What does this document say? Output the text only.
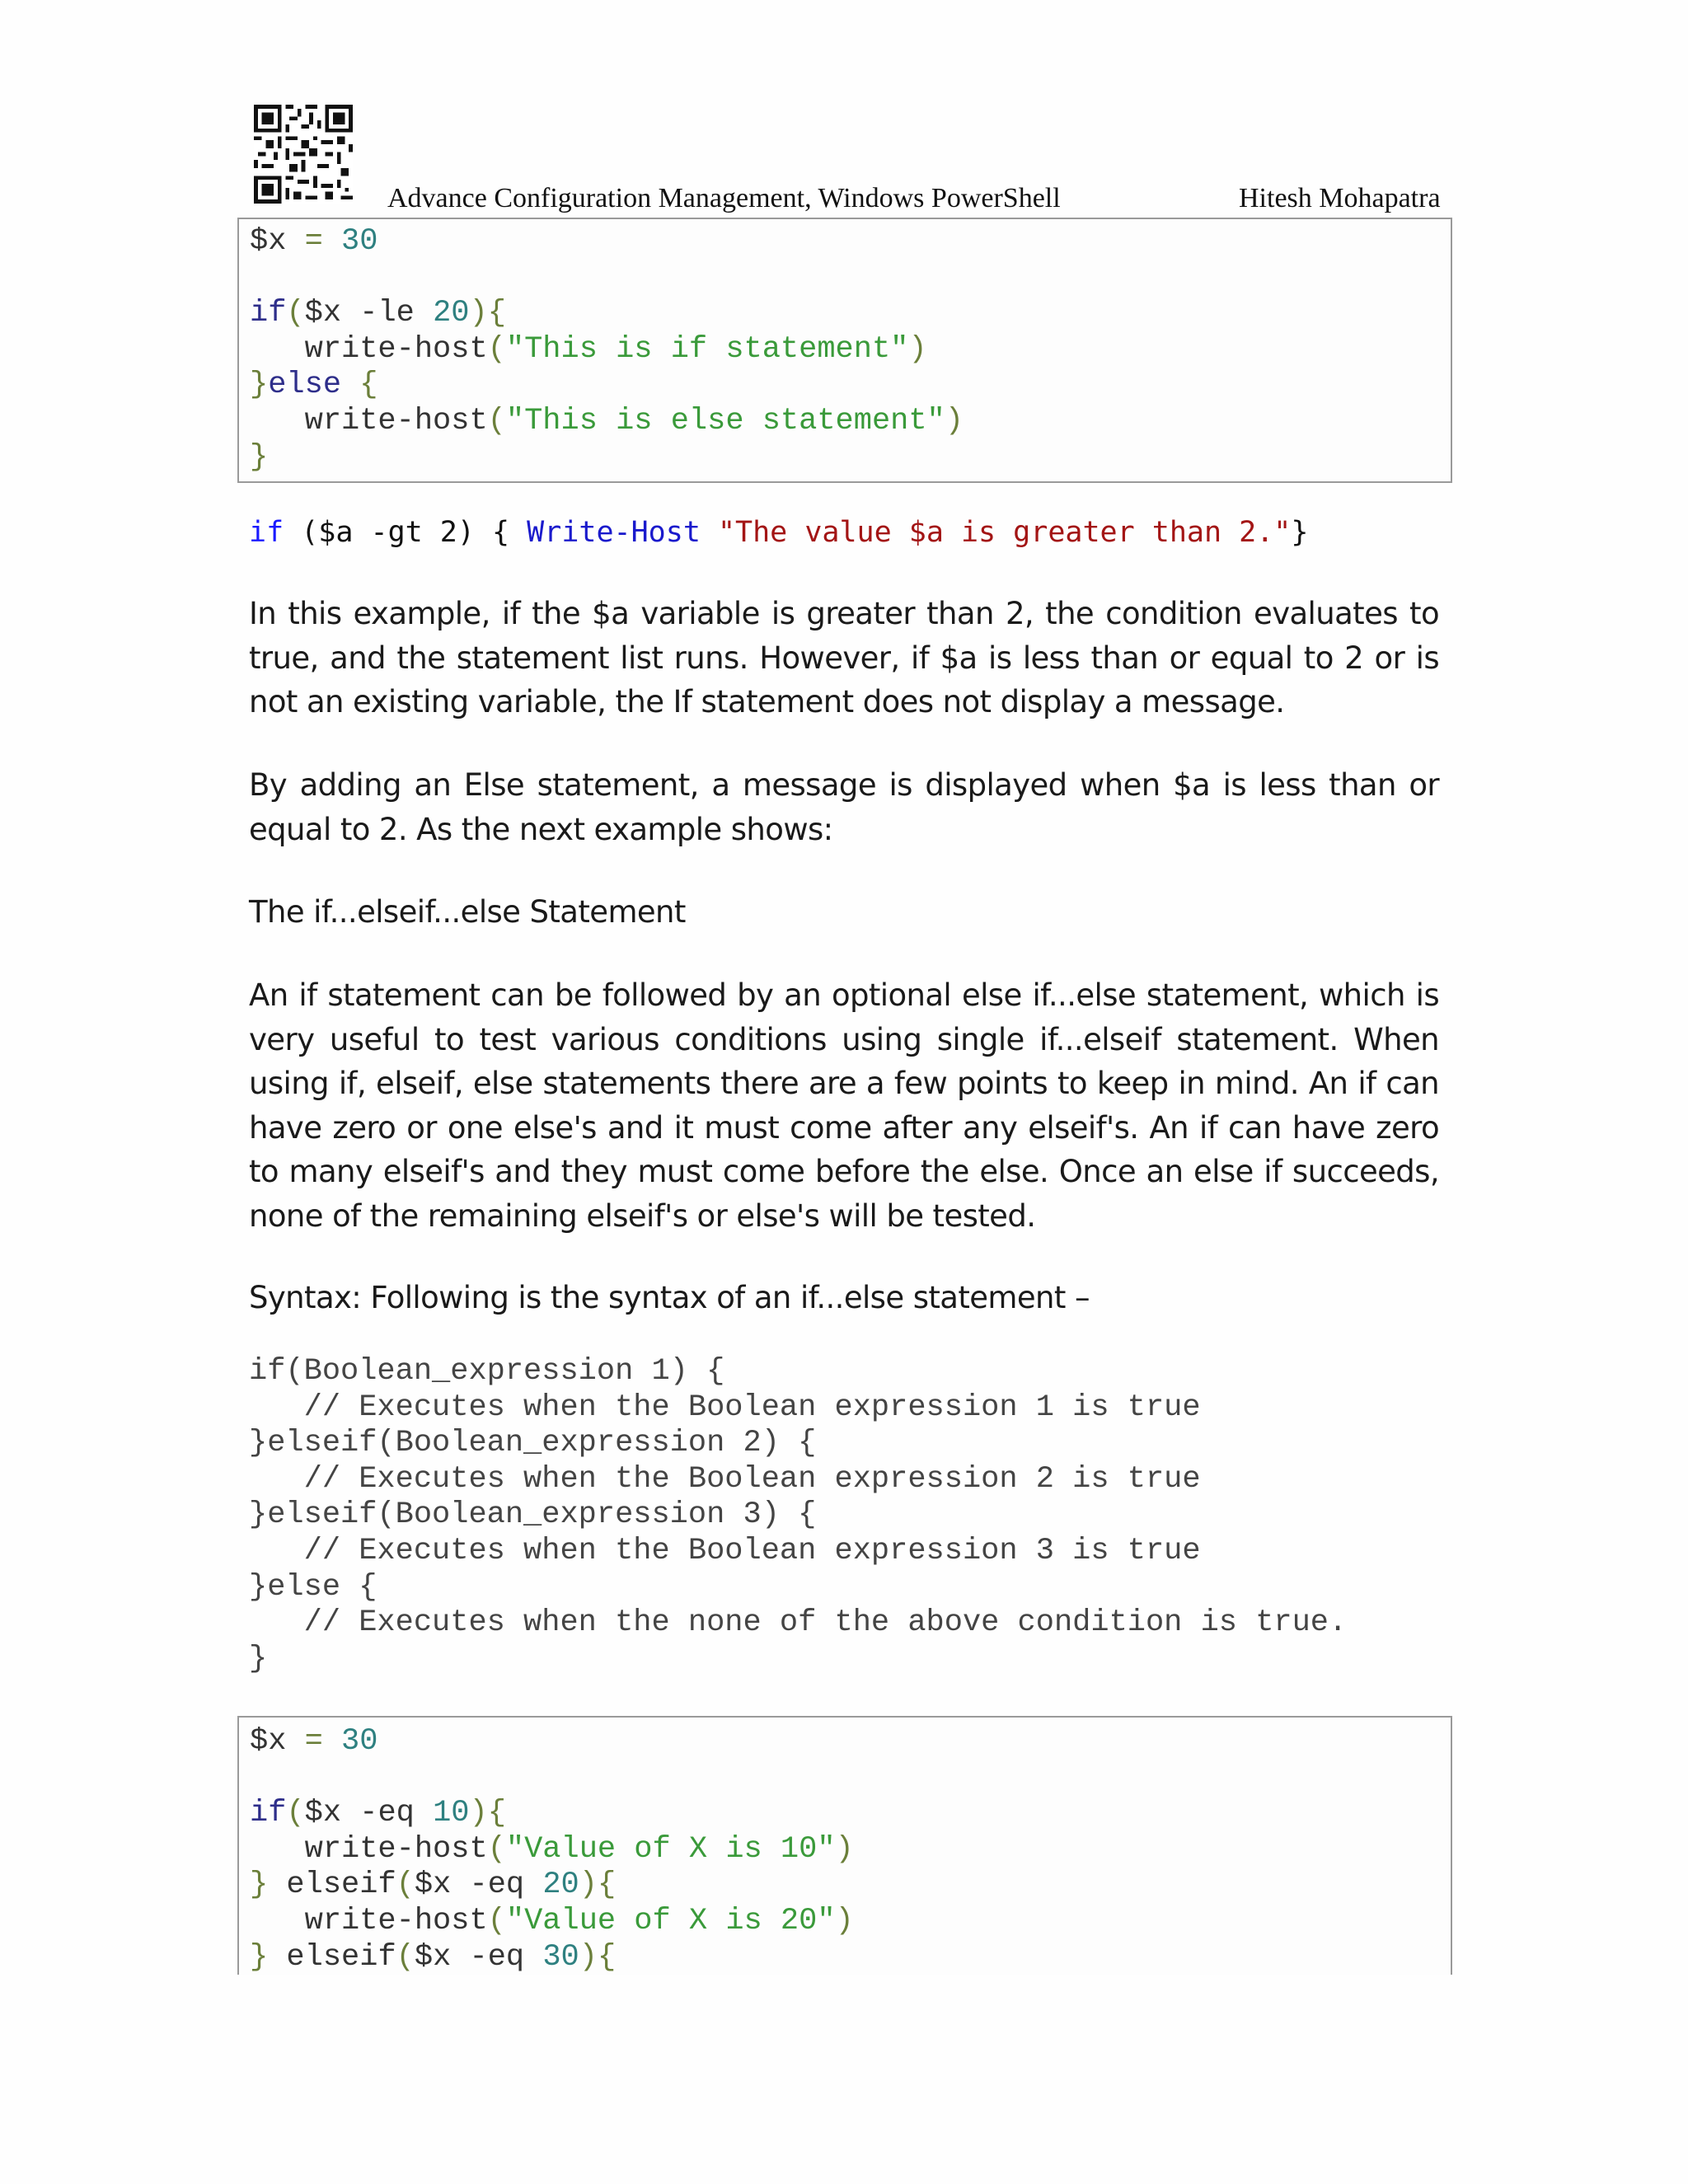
Advance Configuration Management, Windows PowerShell	Hitesh Mohapatra
$x = 30

if($x -le 20){
write-host("This is if statement")
}else {
write-host("This is else statement")
}
if ($a -gt 2) { Write-Host "The value $a is greater than 2."}
In this example, if the $a variable is greater than 2, the condition evaluates to true, and the statement list runs. However, if $a is less than or equal to 2 or is not an existing variable, the If statement does not display a message.
By adding an Else statement, a message is displayed when $a is less than or equal to 2. As the next example shows:
The if...elseif...else Statement
An if statement can be followed by an optional else if...else statement, which is very useful to test various conditions using single if...elseif statement. When using if, elseif, else statements there are a few points to keep in mind. An if can have zero or one else's and it must come after any elseif's. An if can have zero to many elseif's and they must come before the else. Once an else if succeeds, none of the remaining elseif's or else's will be tested.
Syntax: Following is the syntax of an if...else statement –
if(Boolean_expression 1) {
// Executes when the Boolean expression 1 is true
}elseif(Boolean_expression 2) {
// Executes when the Boolean expression 2 is true
}elseif(Boolean_expression 3) {
// Executes when the Boolean expression 3 is true
}else {
// Executes when the none of the above condition is true.
}
$x = 30

if($x -eq 10){
write-host("Value of X is 10")
} elseif($x -eq 20){
write-host("Value of X is 20")
} elseif($x -eq 30){
